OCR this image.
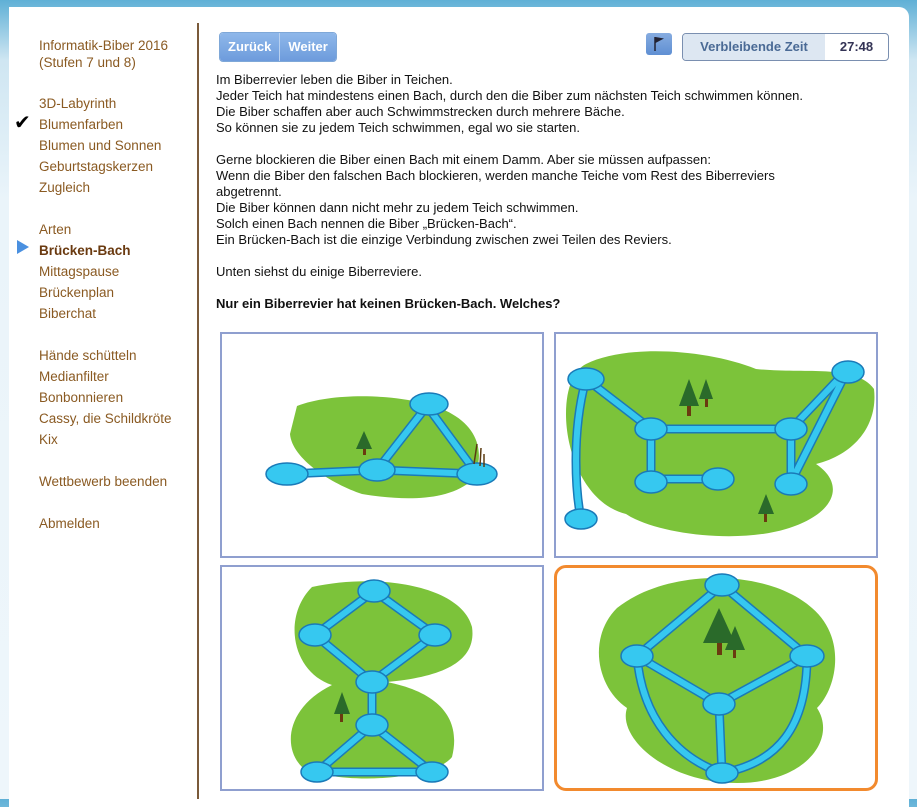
Informatik-Biber 2016
(Stufen 7 und 8)
3D-Labyrinth
✔ Blumenfarben
Blumen und Sonnen
Geburtstagskerzen
Zugleich
Arten
Brücken-Bach
Mittagspause
Brückenplan
Biberchat
Hände schütteln
Medianfilter
Bonbonnieren
Cassy, die Schildkröte
Kix
Wettbewerb beenden
Abmelden
Zurück	Weiter	Verbleibende Zeit	27:48

Im Biberrevier leben die Biber in Teichen.

Jeder Teich hat mindestens einen Bach, durch den die Biber zum nächsten Teich schwimmen können.

Die Biber schaffen aber auch Schwimmstrecken durch mehrere Bäche.

So können sie zu jedem Teich schwimmen, egal wo sie starten.

Gerne blockieren die Biber einen Bach mit einem Damm. Aber sie müssen aufpassen:

Wenn die Biber den falschen Bach blockieren, werden manche Teiche vom Rest des Biberreviers

abgetrennt.

Die Biber können dann nicht mehr zu jedem Teich schwimmen.

Solch einen Bach nennen die Biber „Brücken-Bach“.

Ein Brücken-Bach ist die einzige Verbindung zwischen zwei Teilen des Reviers.

Unten siehst du einige Biberreviere.

Nur ein Biberrevier hat keinen Brücken-Bach. Welches?
